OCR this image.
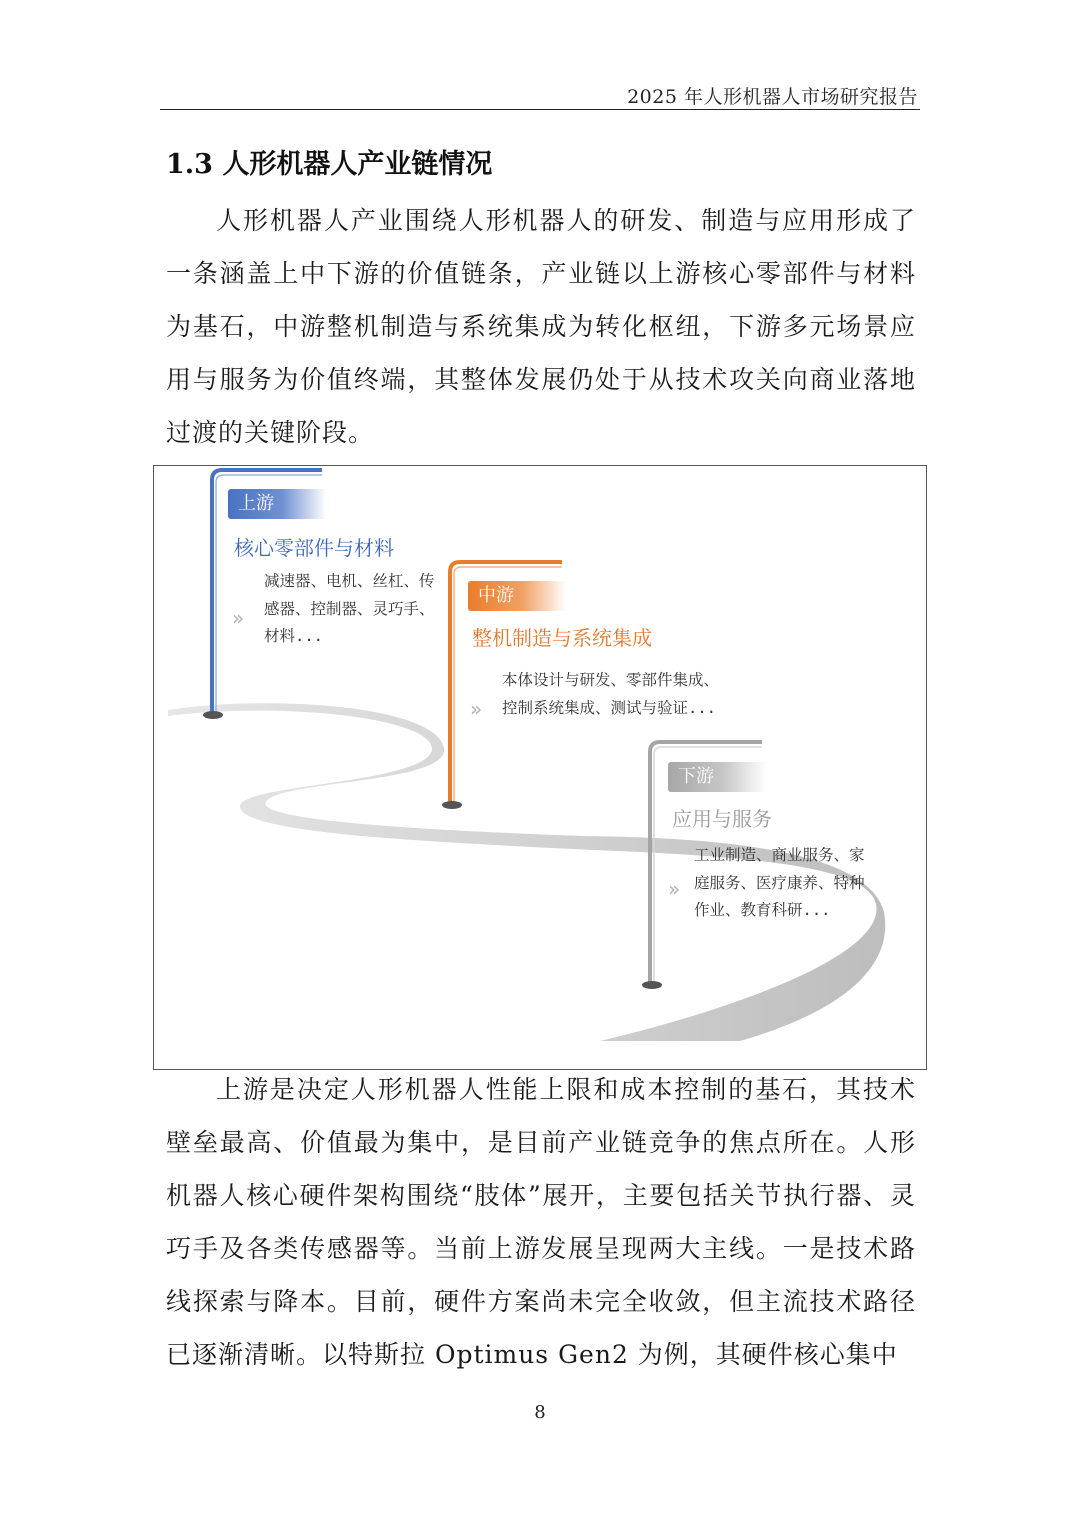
2025 年人形机器人市场研究报告
1.3 人形机器人产业链情况

人形机器人产业围绕人形机器人的研发、制造与应用形成了一条涵盖上中下游的价值链条，产业链以上游核心零部件与材料为基石，中游整机制造与系统集成为转化枢纽，下游多元场景应用与服务为价值终端，其整体发展仍处于从技术攻关向商业落地过渡的关键阶段。

上游
核心零部件与材料
»

减速器、电机、丝杠、传感器、控制器、灵巧手、材料...

中游
整机制造与系统集成
»

本体设计与研发、零部件集成、控制系统集成、测试与验证...

下游
应用与服务
»

工业制造、商业服务、家庭服务、医疗康养、特种作业、教育科研...

上游是决定人形机器人性能上限和成本控制的基石，其技术壁垒最高、价值最为集中，是目前产业链竞争的焦点所在。人形机器人核心硬件架构围绕“肢体”展开，主要包括关节执行器、灵巧手及各类传感器等。当前上游发展呈现两大主线。一是技术路线探索与降本。目前，硬件方案尚未完全收敛，但主流技术路径已逐渐清晰。以特斯拉 Optimus Gen2 为例，其硬件核心集中

8
